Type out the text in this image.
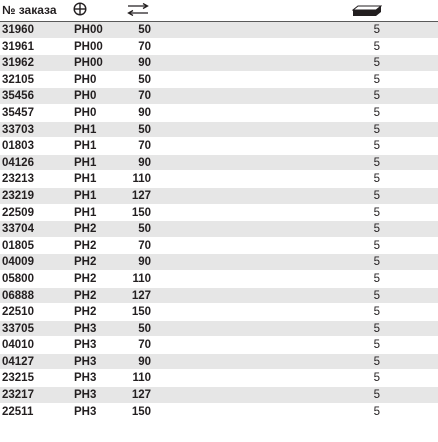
№ заказа
31960	PH00	50	5
31961	PH00	70	5
31962	PH00	90	5
32105	PH0	50	5
35456	PH0	70	5
35457	PH0	90	5
33703	PH1	50	5
01803	PH1	70	5
04126	PH1	90	5
23213	PH1	110	5
23219	PH1	127	5
22509	PH1	150	5
33704	PH2	50	5
01805	PH2	70	5
04009	PH2	90	5
05800	PH2	110	5
06888	PH2	127	5
22510	PH2	150	5
33705	PH3	50	5
04010	PH3	70	5
04127	PH3	90	5
23215	PH3	110	5
23217	PH3	127	5
22511	PH3	150	5
